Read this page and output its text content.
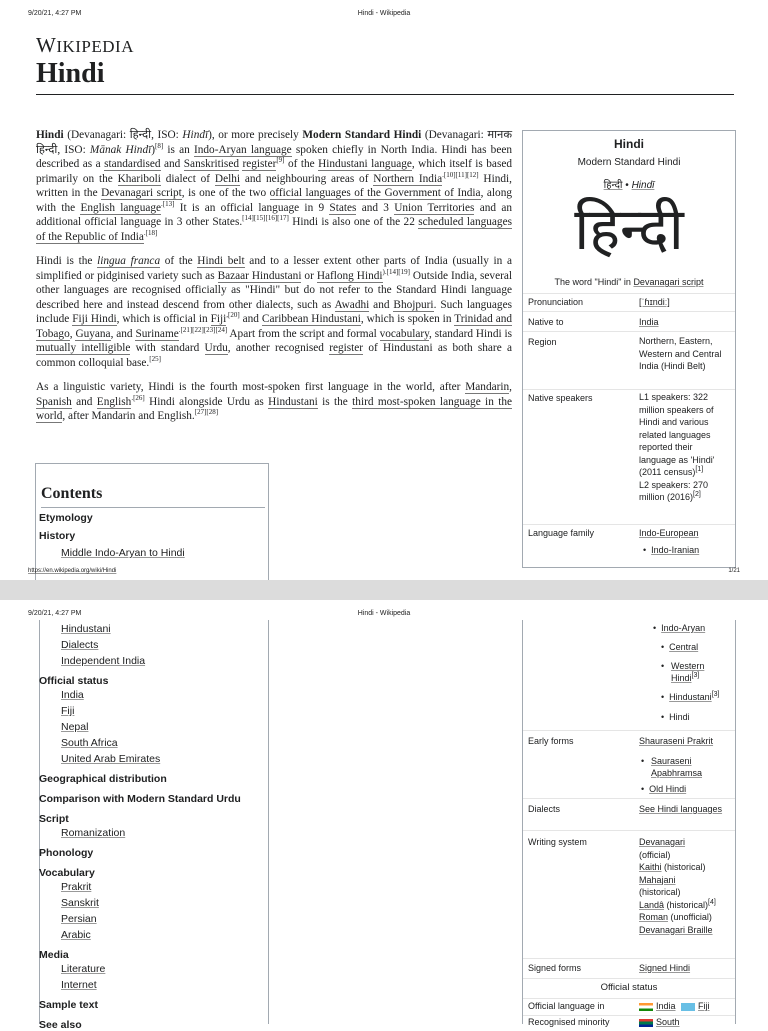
9/20/21, 4:27 PM	Hindi - Wikipedia
WIKIPEDIA
Hindi

Hindi (Devanagari: हिन्दी, ISO: Hindī), or more precisely Modern Standard Hindi (Devanagari: मानक हिन्दी, ISO: Mānak Hindī)[8] is an Indo-Aryan language spoken chiefly in North India. Hindi has been described as a standardised and Sanskritised register[9] of the Hindustani language, which itself is based primarily on the Khariboli dialect of Delhi and neighbouring areas of Northern India$^{.[10][11][12]}$ Hindi, written in the Devanagari script, is one of the two official languages of the Government of India, along with the English language$^{.[13]}$ It is an official language in 9 States and 3 Union Territories and an additional official language in 3 other States.[14][15][16][17] Hindi is also one of the 22 scheduled languages of the Republic of India$^{.[18]}$

Hindi is the lingua franca of the Hindi belt and to a lesser extent other parts of India (usually in a simplified or pidginised variety such as Bazaar Hindustani or Haflong Hindi$^{).[14][19]}$ Outside India, several other languages are recognised officially as "Hindi" but do not refer to the Standard Hindi language described here and instead descend from other dialects, such as Awadhi and Bhojpuri. Such languages include Fiji Hindi, which is official in Fiji$^{,[20]}$ and Caribbean Hindustani, which is spoken in Trinidad and Tobago, Guyana, and Suriname$^{.[21][22][23][24]}$ Apart from the script and formal vocabulary, standard Hindi is mutually intelligible with standard Urdu, another recognised register of Hindustani as both share a common colloquial base.[25]

As a linguistic variety, Hindi is the fourth most-spoken first language in the world, after Mandarin, Spanish and English$^{.[26]}$ Hindi alongside Urdu as Hindustani is the third most-spoken language in the world, after Mandarin and English.[27][28]

Contents
Etymology
History
Middle Indo-Aryan to Hindi
Hindi
Modern Standard Hindi
हिन्दी • Hindī
हिन्दी
The word "Hindi" in Devanagari script
Pronunciation	[ˈɦɪndiː]
Native to	India
Region	Northern, Eastern, Western and Central India (Hindi Belt)
Native speakers	L1 speakers: 322 million speakers of Hindi and various related languages reported their language as 'Hindi' (2011 census)[1]
L2 speakers: 270 million (2016)[2]
Language family	Indo-European
•  Indo-Iranian
https://en.wikipedia.org/wiki/Hindi	1/21
9/20/21, 4:27 PM	Hindi - Wikipedia
Hindustani
Dialects
Independent India
Official status
India
Fiji
Nepal
South Africa
United Arab Emirates
Geographical distribution
Comparison with Modern Standard Urdu
Script
Romanization
Phonology
Vocabulary
Prakrit
Sanskrit
Persian
Arabic
Media
Literature
Internet
Sample text
See also
•  Indo-Aryan
•  Central
• Western Hindi[3]
•  Hindustani[3]
•  Hindi
Early forms	Shauraseni Prakrit
• Sauraseni Apabhramsa
•  Old Hindi
Dialects	See Hindi languages
Writing system	Devanagari
(official)
Kaithi (historical)
Mahajani
(historical)
Landâ (historical)[4]
Roman (unofficial)
Devanagari Braille
Signed forms	Signed Hindi
Official status
Official language in	India	Fiji
Recognised minority	South
